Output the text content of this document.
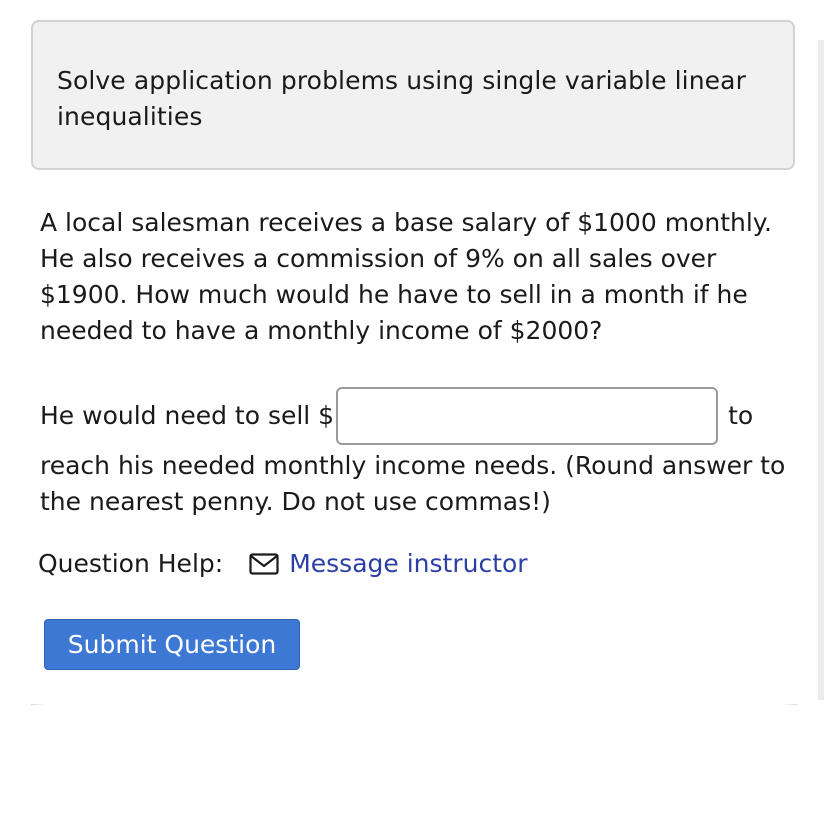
Solve application problems using single variable linear inequalities
A local salesman receives a base salary of $1000 monthly. He also receives a commission of 9% on all sales over $1900. How much would he have to sell in a month if he needed to have a monthly income of $2000?
He would need to sell $	to
reach his needed monthly income needs. (Round answer to the nearest penny. Do not use commas!)
Question Help:	Message instructor
Submit Question
